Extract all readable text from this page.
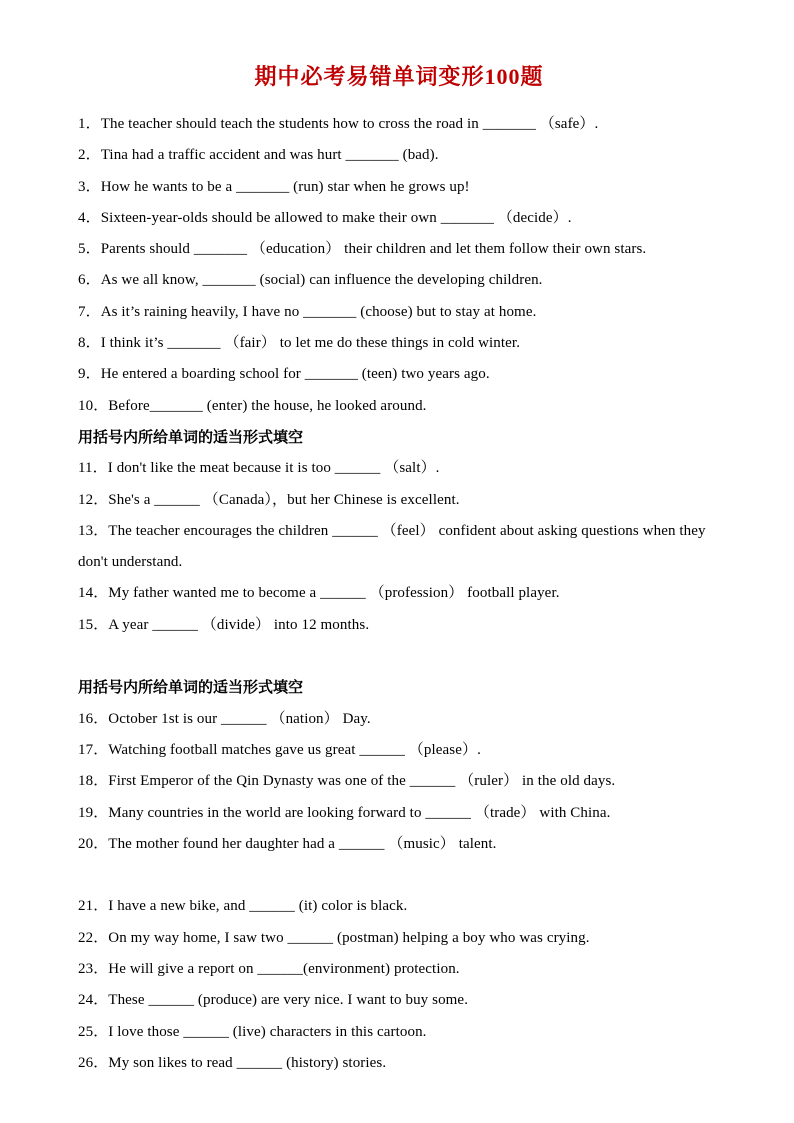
期中必考易错单词变形100题

1．The teacher should teach the students how to cross the road in _______ （safe）.

2．Tina had a traffic accident and was hurt _______ (bad).

3．How he wants to be a _______ (run) star when he grows up!

4．Sixteen-year-olds should be allowed to make their own _______ （decide）.

5．Parents should _______ （education） their children and let them follow their own stars.

6．As we all know, _______ (social) can influence the developing children.

7．As it’s raining heavily, I have no _______ (choose) but to stay at home.

8．I think it’s _______ （fair） to let me do these things in cold winter.

9．He entered a boarding school for _______ (teen) two years ago.

10．Before_______ (enter) the house, he looked around.

用括号内所给单词的适当形式填空

11．I don't like the meat because it is too ______ （salt）.

12．She's a ______ （Canada），but her Chinese is excellent.

13．The teacher encourages the children ______ （feel） confident about asking questions when they don't understand.

14．My father wanted me to become a ______ （profession） football player.

15．A year ______ （divide） into 12 months.

用括号内所给单词的适当形式填空

16．October 1st is our ______ （nation） Day.

17．Watching football matches gave us great ______ （please）.

18．First Emperor of the Qin Dynasty was one of the ______ （ruler） in the old days.

19．Many countries in the world are looking forward to ______ （trade） with China.

20．The mother found her daughter had a ______ （music） talent.

21．I have a new bike, and ______ (it) color is black.

22．On my way home, I saw two ______ (postman) helping a boy who was crying.

23．He will give a report on ______(environment) protection.

24．These ______ (produce) are very nice. I want to buy some.

25．I love those ______ (live) characters in this cartoon.

26．My son likes to read ______ (history) stories.
